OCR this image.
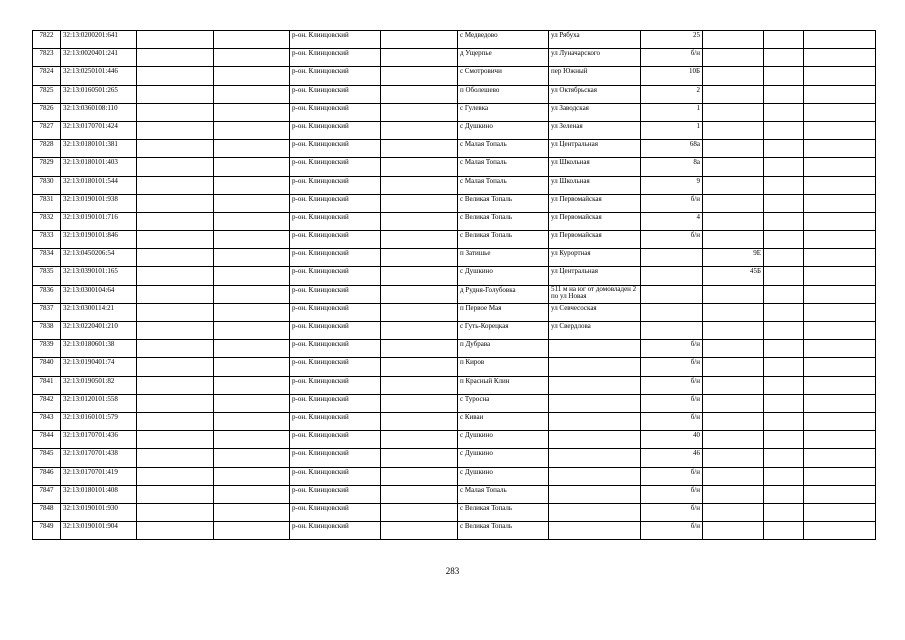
7822	32:13:0200201:641			р-он. Клинцовский		с Медведово	ул Рябуха	25			
7823	32:13:0020401:241			р-он. Клинцовский		д Ущерпье	ул Луначарского	б/н			
7824	32:13:0250101:446			р-он. Клинцовский		с Смотровичи	пер Южный	10Б			
7825	32:13:0160501:265			р-он. Клинцовский		п Оболешево	ул Октябрьская	2			
7826	32:13:0360108:110			р-он. Клинцовский		с Гулевка	ул Заводская	1			
7827	32:13:0170701:424			р-он. Клинцовский		с Душкино	ул Зеленая	1			
7828	32:13:0180101:381			р-он. Клинцовский		с Малая Топаль	ул Центральная	68а			
7829	32:13:0180101:403			р-он. Клинцовский		с Малая Топаль	ул Школьная	8а			
7830	32:13:0180101:544			р-он. Клинцовский		с Малая Топаль	ул Школьная	9			
7831	32:13:0190101:938			р-он. Клинцовский		с Великая Топаль	ул Первомайская	б/н			
7832	32:13:0190101:716			р-он. Клинцовский		с Великая Топаль	ул Первомайская	4			
7833	32:13:0190101:846			р-он. Клинцовский		с Великая Топаль	ул Первомайская	б/н			
7834	32:13:0450206:54			р-он. Клинцовский		п Затишье	ул Курортная		9Е		
7835	32:13:0390101:165			р-он. Клинцовский		с Душкино	ул Центральная		45Б		
7836	32:13:0300104:64			р-он. Клинцовский		д Рудня-Голубовка	511 м на юг от домовладен 2 по ул Новая				
7837	32:13:0300114:21			р-он. Клинцовский		п Первое Мая	ул Севчесоская				
7838	32:13:0220401:210			р-он. Клинцовский		с Гуть-Корецкая	ул Свердлова				
7839	32:13:0180601:38			р-он. Клинцовский		п Дубрава		б/н			
7840	32:13:0190401:74			р-он. Клинцовский		п Киров		б/н			
7841	32:13:0190501:82			р-он. Клинцовский		п Красный Клин		б/н			
7842	32:13:0120101:558			р-он. Клинцовский		с Туросна		б/н			
7843	32:13:0160101:579			р-он. Клинцовский		с Киваи		б/н			
7844	32:13:0170701:436			р-он. Клинцовский		с Душкино		40			
7845	32:13:0170701:438			р-он. Клинцовский		с Душкино		46			
7846	32:13:0170701:419			р-он. Клинцовский		с Душкино		б/н			
7847	32:13:0180101:408			р-он. Клинцовский		с Малая Топаль		б/н			
7848	32:13:0190101:930			р-он. Клинцовский		с Великая Топаль		б/н			
7849	32:13:0190101:904			р-он. Клинцовский		с Великая Топаль		б/н			
283
